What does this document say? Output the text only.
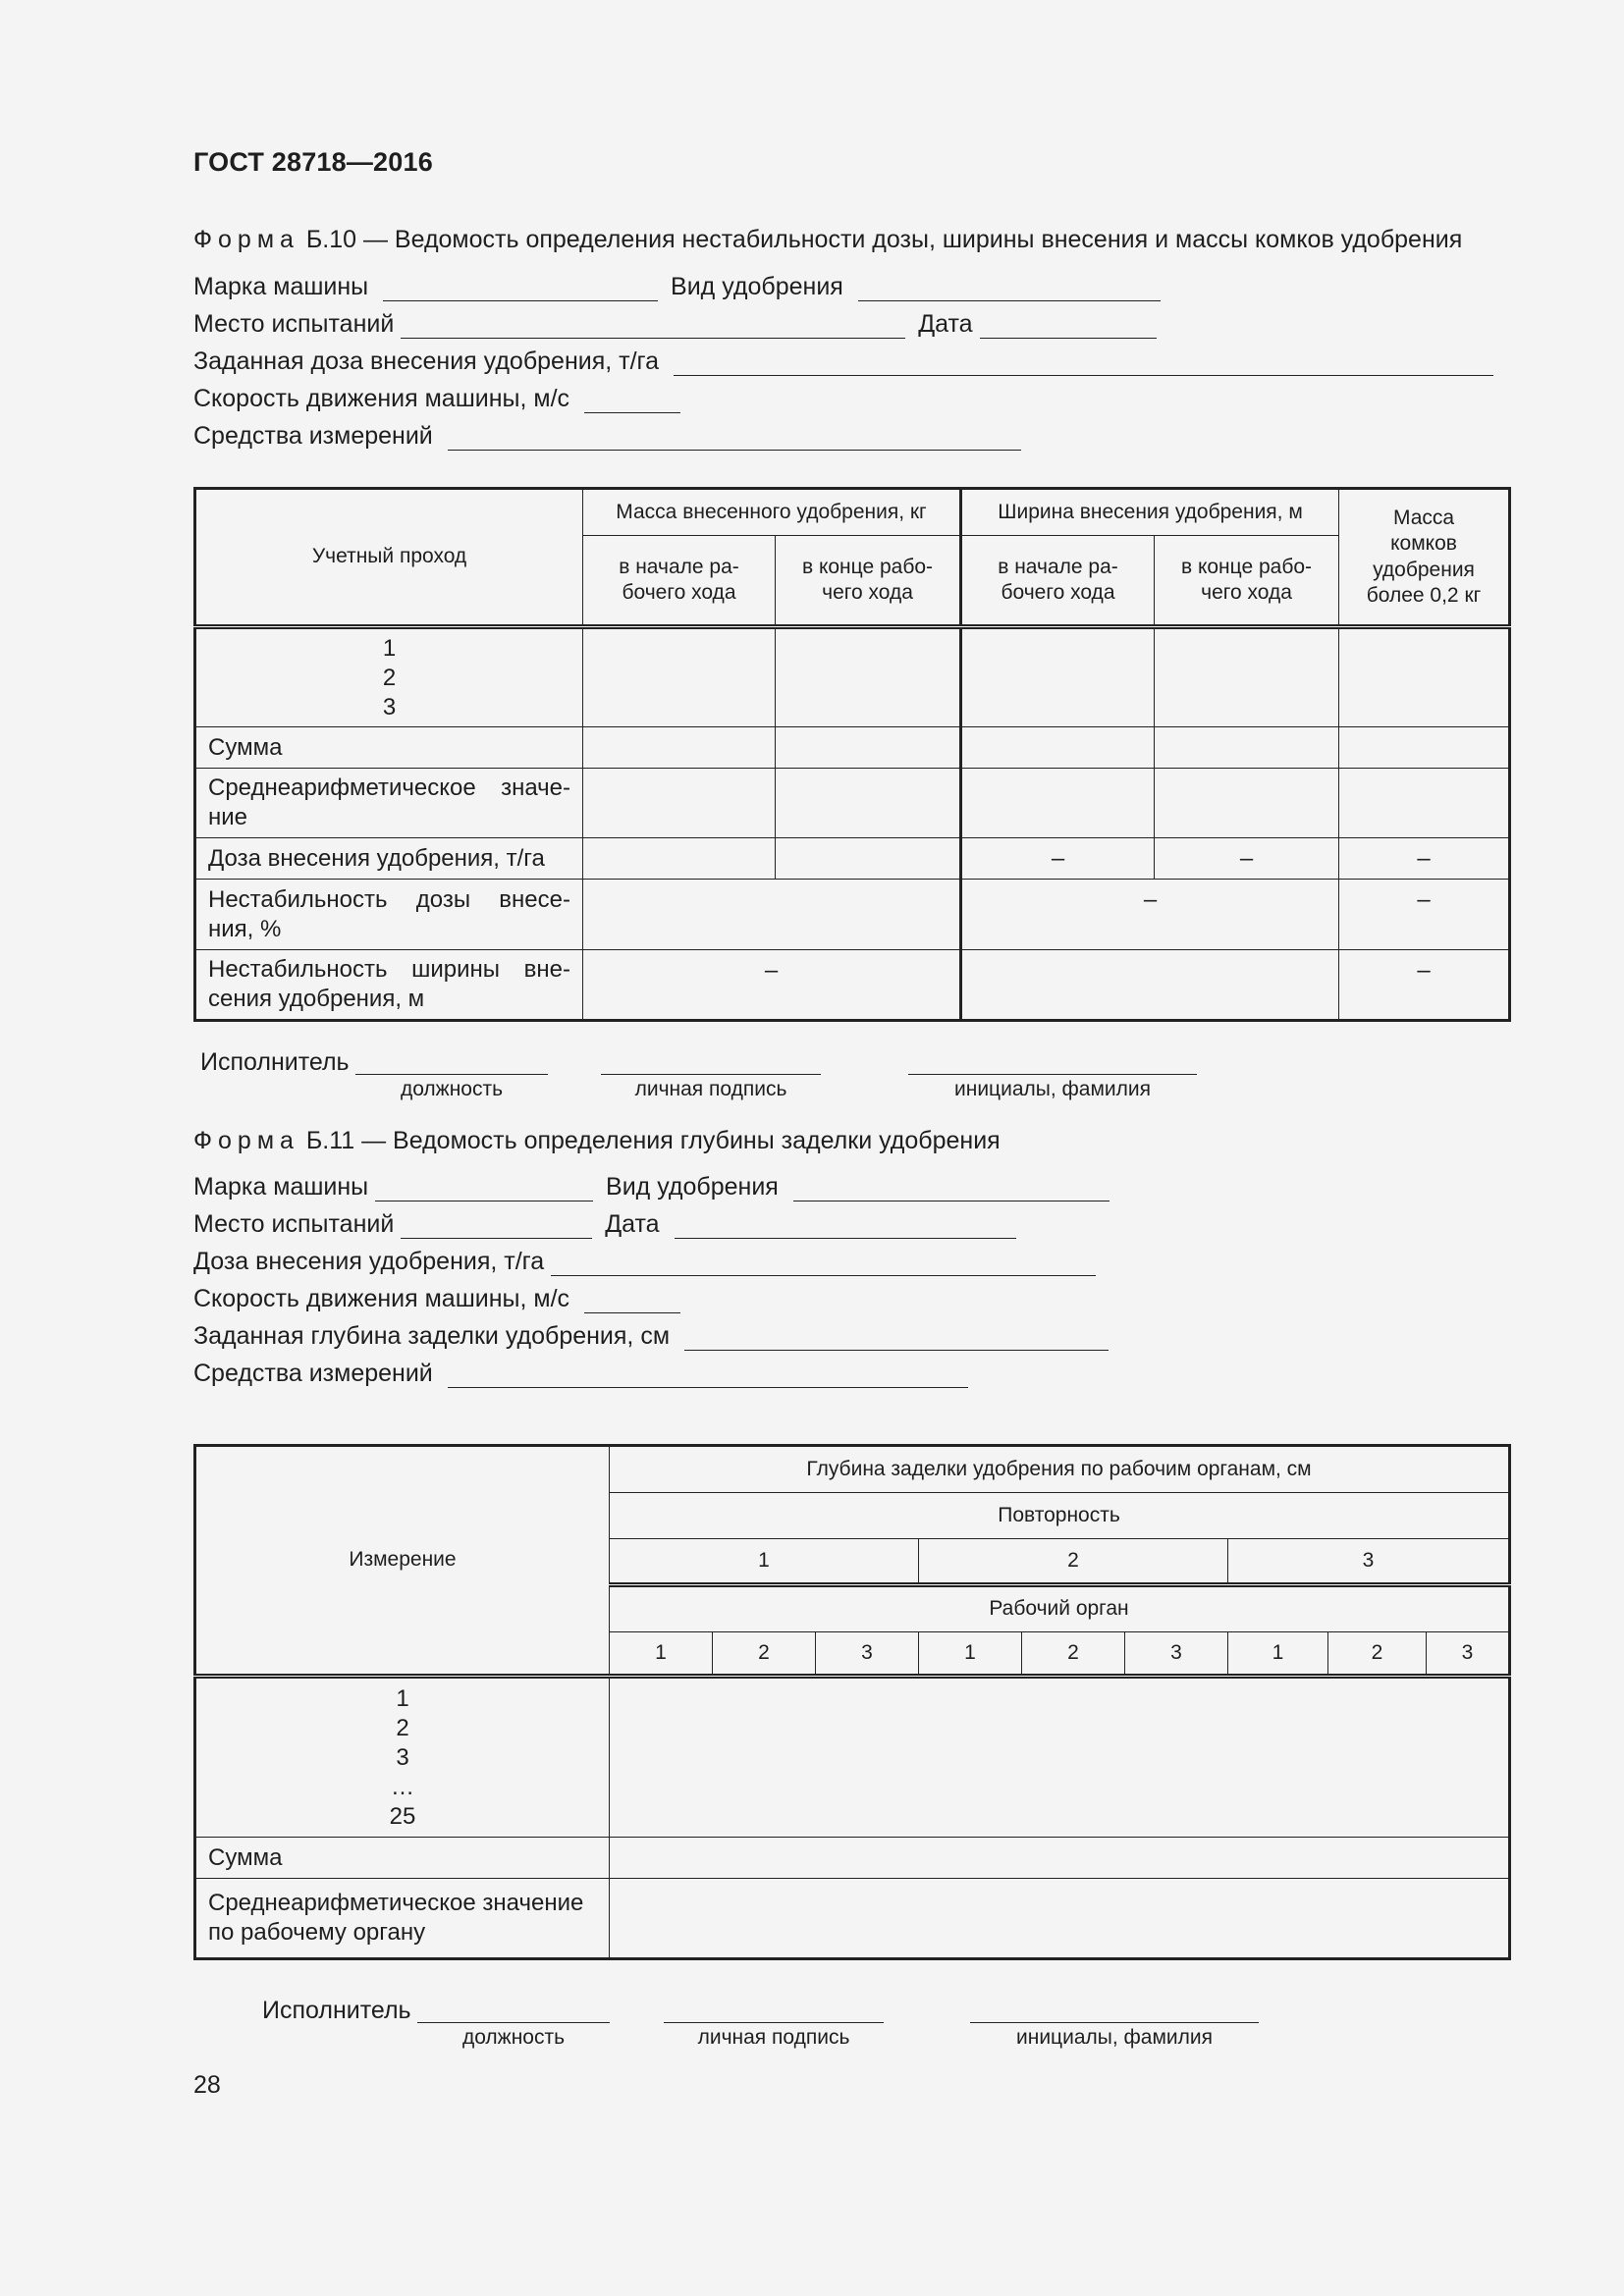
ГОСТ 28718—2016
Форма Б.10 — Ведомость определения нестабильности дозы, ширины внесения и массы комков удобрения
Марка машины	Вид удобрения
Место испытаний	Дата
Заданная доза внесения удобрения, т/га
Скорость движения машины, м/с
Средства измерений
Учетный проход	Масса внесенного удобрения, кг		Ширина внесения удобрения, м		Масса комков удобрения более 0,2 кг
	в начале ра-бочего хода	в конце рабо-чего хода	в начале ра-бочего хода	в конце рабо-чего хода	

1
2
3					

Сумма					
Среднеарифметическое значе-ние					
Доза внесения удобрения, т/га			–	–	–
Нестабильность дозы внесе-ния, %			–		–
Нестабильность ширины вне-сения удобрения, м	–				–
Исполнитель
должность	личная подпись	инициалы, фамилия
Форма Б.11 — Ведомость определения глубины заделки удобрения
Марка машины	Вид удобрения
Место испытаний	Дата
Доза внесения удобрения, т/га
Скорость движения машины, м/с
Заданная глубина заделки удобрения, см
Средства измерений
Измерение	Глубина заделки удобрения по рабочим органам, см								
	Повторность								
	1			2			3		
	Рабочий орган								
	1	2	3	1	2	3	1	2	3

1
2
3
…
25									

Сумма									
Среднеарифметическое значение по рабочему органу									
Исполнитель
должность	личная подпись	инициалы, фамилия
28
